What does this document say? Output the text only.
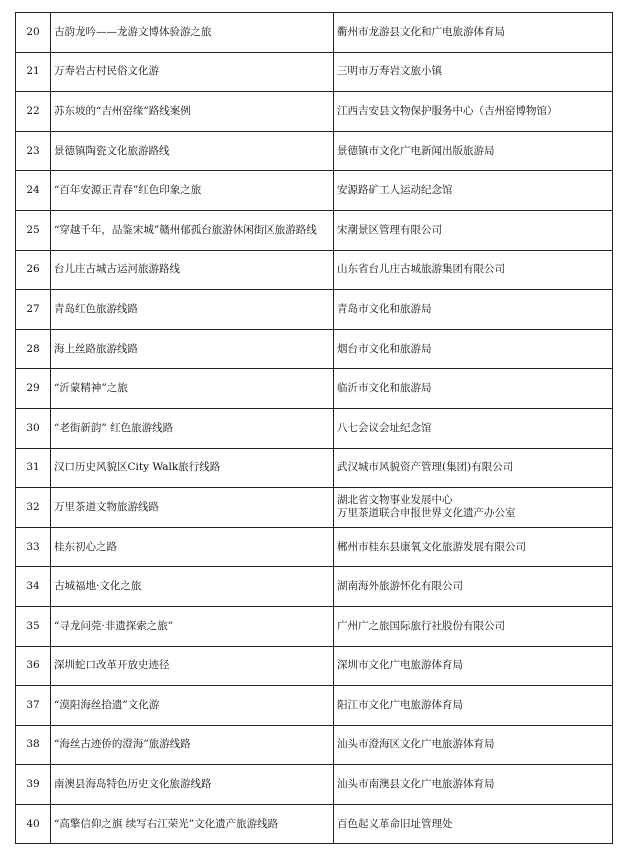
20	古韵龙吟——龙游文博体验游之旅	衢州市龙游县文化和广电旅游体育局

21	万寿岩古村民俗文化游	三明市万寿岩文旅小镇

22	苏东坡的“吉州窑缘”路线案例	江西吉安县文物保护服务中心（吉州窑博物馆）

23	景德镇陶瓷文化旅游路线	景德镇市文化广电新闻出版旅游局

24	“百年安源正青春”红色印象之旅	安源路矿工人运动纪念馆

25	“穿越千年，品鉴宋城”赣州郁孤台旅游休闲街区旅游路线	宋潮景区管理有限公司

26	台儿庄古城古运河旅游路线	山东省台儿庄古城旅游集团有限公司

27	青岛红色旅游线路	青岛市文化和旅游局

28	海上丝路旅游线路	烟台市文化和旅游局

29	“沂蒙精神”之旅	临沂市文化和旅游局

30	“老街新韵” 红色旅游线路	八七会议会址纪念馆

31	汉口历史风貌区City Walk旅行线路	武汉城市风貌资产管理(集团)有限公司

32	万里茶道文物旅游线路	湖北省文物事业发展中心
万里茶道联合申报世界文化遗产办公室

33	桂东初心之路	郴州市桂东县康氧文化旅游发展有限公司

34	古城福地·文化之旅	湖南海外旅游怀化有限公司

35	“寻龙问莞·非遗探索之旅”	广州广之旅国际旅行社股份有限公司

36	深圳蛇口改革开放史迹径	深圳市文化广电旅游体育局

37	“漠阳海丝拾遗”文化游	阳江市文化广电旅游体育局

38	“海丝古迹侨的澄海”旅游线路	汕头市澄海区文化广电旅游体育局

39	南澳县海岛特色历史文化旅游线路	汕头市南澳县文化广电旅游体育局

40	“高擎信仰之旗 续写右江荣光”文化遗产旅游线路	百色起义革命旧址管理处
